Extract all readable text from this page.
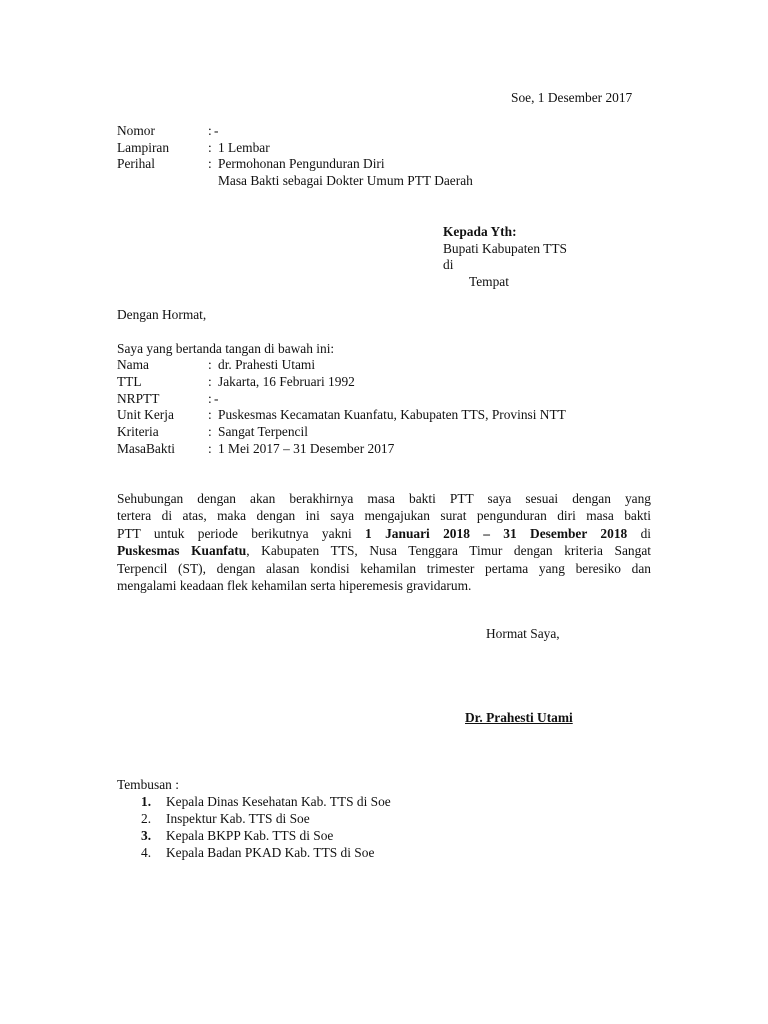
Soe, 1 Desember 2017
Nomor	: -
Lampiran	: 1 Lembar
Perihal	: Permohonan Pengunduran Diri
Masa Bakti sebagai Dokter Umum PTT Daerah
Kepada Yth:
Bupati Kabupaten TTS
di
Tempat
Dengan Hormat,
Saya yang bertanda tangan di bawah ini:
Nama	: dr. Prahesti Utami
TTL	: Jakarta, 16 Februari 1992
NRPTT	: -
Unit Kerja	: Puskesmas Kecamatan Kuanfatu, Kabupaten TTS, Provinsi NTT
Kriteria	: Sangat Terpencil
MasaBakti : 1 Mei 2017 – 31 Desember 2017
Sehubungan dengan akan berakhirnya masa bakti PTT saya sesuai dengan yang
tertera di atas, maka dengan ini saya mengajukan surat pengunduran diri masa bakti
PTT untuk periode berikutnya yakni 1 Januari 2018 – 31 Desember 2018 di
Puskesmas Kuanfatu, Kabupaten TTS, Nusa Tenggara Timur dengan kriteria Sangat
Terpencil (ST), dengan alasan kondisi kehamilan trimester pertama yang beresiko dan
mengalami keadaan flek kehamilan serta hiperemesis gravidarum.
Hormat Saya,
Dr. Prahesti Utami
Tembusan :
1. Kepala Dinas Kesehatan Kab. TTS di Soe
2. Inspektur Kab. TTS di Soe
3. Kepala BKPP Kab. TTS di Soe
4. Kepala Badan PKAD Kab. TTS di Soe
